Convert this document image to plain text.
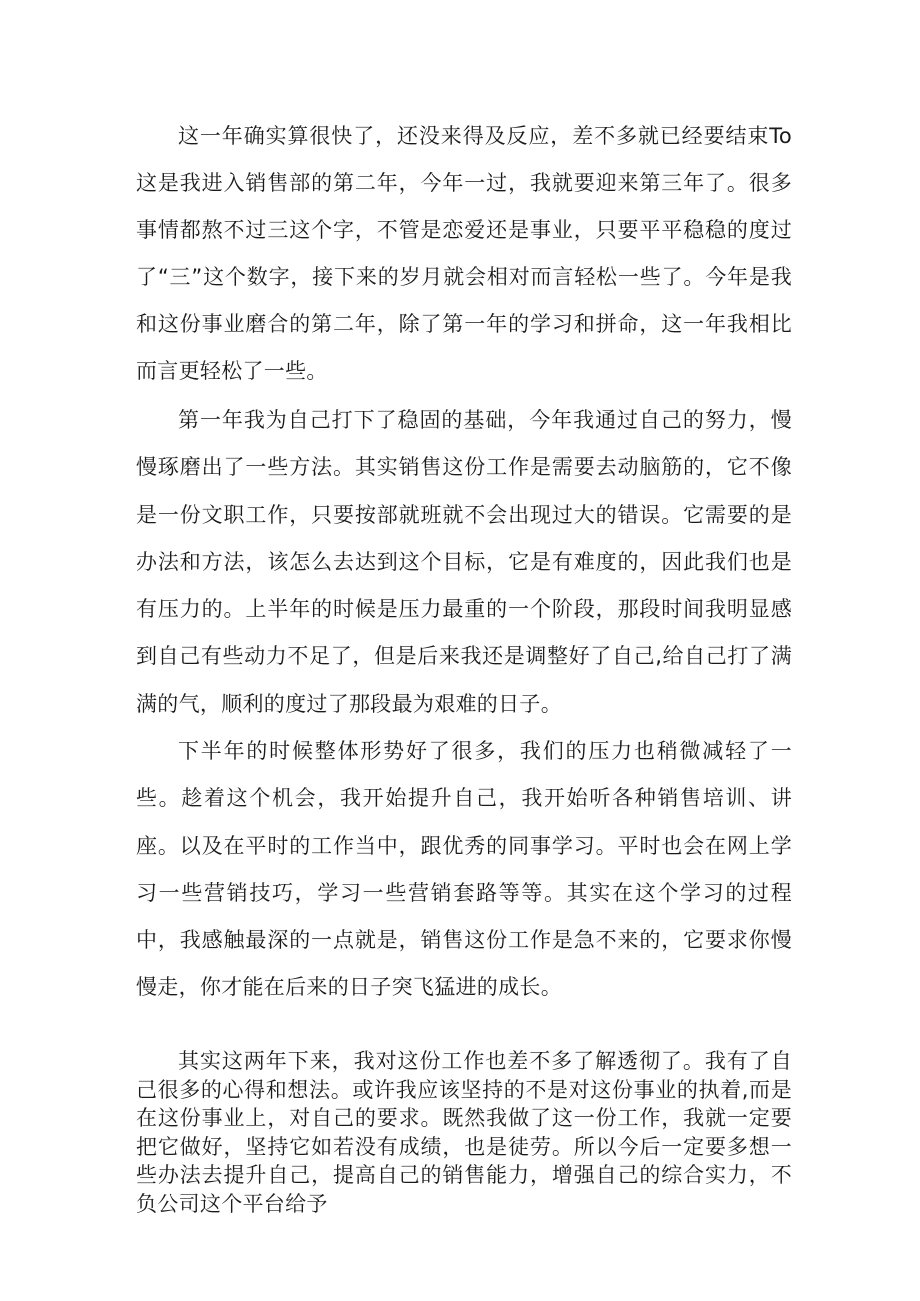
这一年确实算很快了，还没来得及反应，差不多就已经要结束To这是我进入销售部的第二年，今年一过，我就要迎来第三年了。很多事情都熬不过三这个字，不管是恋爱还是事业，只要平平稳稳的度过了“三”这个数字，接下来的岁月就会相对而言轻松一些了。今年是我和这份事业磨合的第二年，除了第一年的学习和拼命，这一年我相比而言更轻松了一些。

第一年我为自己打下了稳固的基础，今年我通过自己的努力，慢慢琢磨出了一些方法。其实销售这份工作是需要去动脑筋的，它不像是一份文职工作，只要按部就班就不会出现过大的错误。它需要的是办法和方法，该怎么去达到这个目标，它是有难度的，因此我们也是有压力的。上半年的时候是压力最重的一个阶段，那段时间我明显感到自己有些动力不足了，但是后来我还是调整好了自己,给自己打了满满的气，顺利的度过了那段最为艰难的日子。

下半年的时候整体形势好了很多，我们的压力也稍微减轻了一些。趁着这个机会，我开始提升自己，我开始听各种销售培训、讲座。以及在平时的工作当中，跟优秀的同事学习。平时也会在网上学习一些营销技巧，学习一些营销套路等等。其实在这个学习的过程中，我感触最深的一点就是，销售这份工作是急不来的，它要求你慢慢走，你才能在后来的日子突飞猛进的成长。

其实这两年下来，我对这份工作也差不多了解透彻了。我有了自己很多的心得和想法。或许我应该坚持的不是对这份事业的执着,而是在这份事业上，对自己的要求。既然我做了这一份工作，我就一定要把它做好，坚持它如若没有成绩，也是徒劳。所以今后一定要多想一些办法去提升自己，提高自己的销售能力，增强自己的综合实力，不负公司这个平台给予
